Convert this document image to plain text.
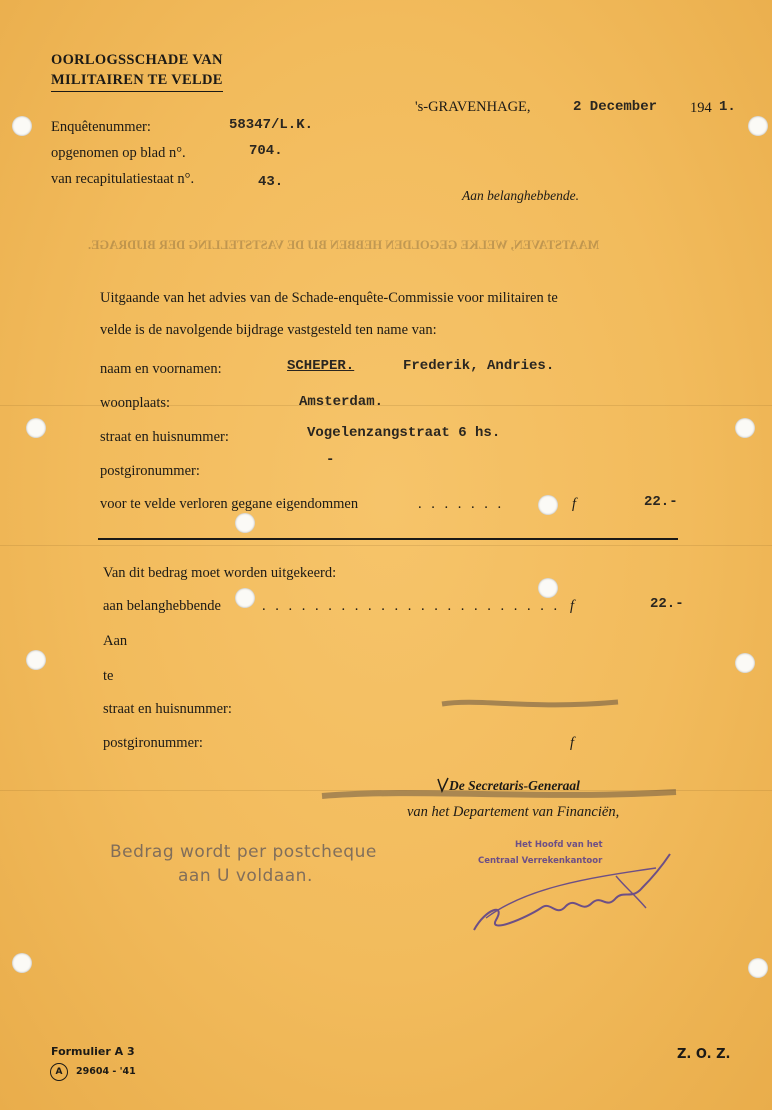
MAATSTAVEN, WELKE GEGOLDEN HEBBEN BIJ DE VASTSTELLING DER BIJDRAGE.
OORLOGSSCHADE VAN
MILITAIREN TE VELDE
's-GRAVENHAGE,	2 December 194 1.
Enquêtenummer:	58347/L.K.
opgenomen op blad n°.	704.
van recapitulatiestaat n°.	43.
Aan belanghebbende.
Uitgaande van het advies van de Schade-enquête-Commissie voor militairen te
velde is de navolgende bijdrage vastgesteld ten name van:
naam en voornamen:	SCHEPER.	Frederik, Andries.
woonplaats:	Amsterdam.
straat en huisnummer:	Vogelenzangstraat 6 hs.
postgironummer:
-
voor te velde verloren gegane eigendommen	. . . . . . .	f	22.-
Van dit bedrag moet worden uitgekeerd:
aan belanghebbende	. . . . . . . . . . . . . . . . . . . . . . . f	22.-
Aan
te
straat en huisnummer:
postgironummer:	f
De Secretaris-Generaal
van het Departement van Financiën,
Bedrag wordt per postcheque
aan U voldaan.
Het Hoofd van het
Centraal Verrekenkantoor
Formulier A 3
A	29604 - '41
Z. O. Z.
